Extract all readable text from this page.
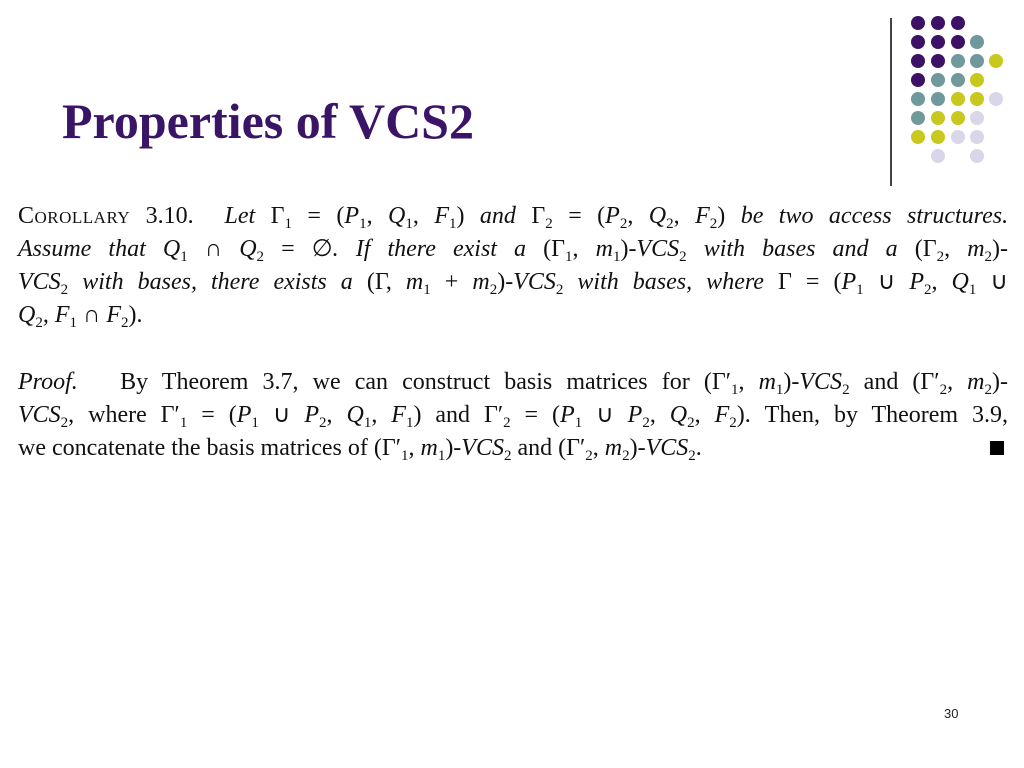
Properties of VCS2
Corollary 3.10. Let $\Gamma_1 = (P_1$, $Q_1$, $F_1$) and $\Gamma_2 = (P_2$, $Q_2$, $F_2$) be two access structures.
Assume that $Q_1$ ∩ $Q_2$ = ∅. If there exist a ($\Gamma_1$, $m_1)-VCS_2$ with bases and a ($\Gamma_2$, $m_2)-$
$VCS_2$ with bases, there exists a (Γ, $m_1 + m_2)-VCS_2$ with bases, where $\Gamma = (P_1$ ∪ $P_2$, $Q_1$ ∪
$Q_2$, $F_1$ ∩ $F_2$).
Proof.   By Theorem 3.7, we can construct basis matrices for ($\Gamma'_1$, $m_1)-VCS_2$ and ($\Gamma'_2$, $m_2)-$
$VCS_2$, where $\Gamma'_1 = (P_1$ ∪ $P_2$, $Q_1$, $F_1$) and $\Gamma'_2 = (P_1$ ∪ $P_2$, $Q_2$, $F_2$). Then, by Theorem 3.9,
we concatenate the basis matrices of ($\Gamma'_1$, $m_1)-VCS_2$ and ($\Gamma'_2$, $m_2)-VCS_2$.
30
